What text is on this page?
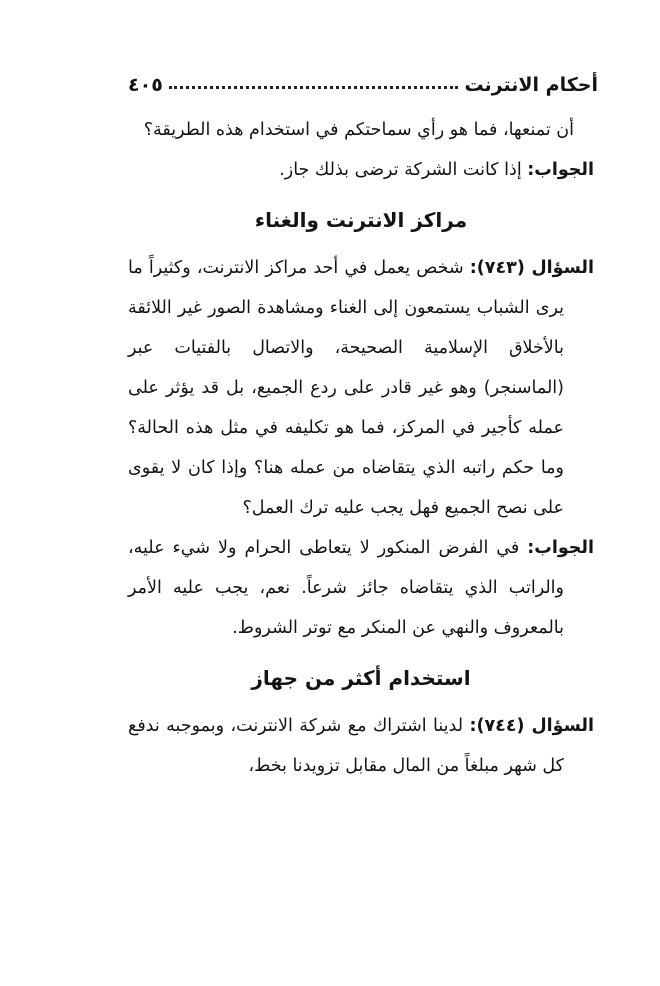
أحكام الانترنت
٤٠٥

أن تمنعها، فما هو رأي سماحتكم في استخدام هذه الطريقة؟

الجواب: إذا كانت الشركة ترضى بذلك جاز.

مراكز الانترنت والغناء

السؤال (٧٤٣): شخص يعمل في أحد مراكز الانترنت، وكثيراً ما يرى الشباب يستمعون إلى الغناء ومشاهدة الصور غير اللائقة بالأخلاق الإسلامية الصحيحة، والاتصال بالفتيات عبر (الماسنجر) وهو غير قادر على ردع الجميع، بل قد يؤثر على عمله كأجير في المركز، فما هو تكليفه في مثل هذه الحالة؟ وما حكم راتبه الذي يتقاضاه من عمله هنا؟ وإذا كان لا يقوى على نصح الجميع فهل يجب عليه ترك العمل؟

الجواب: في الفرض المنكور لا يتعاطى الحرام ولا شيء عليه، والراتب الذي يتقاضاه جائز شرعاً. نعم، يجب عليه الأمر بالمعروف والنهي عن المنكر مع توتر الشروط.

استخدام أكثر من جهاز

السؤال (٧٤٤): لدينا اشتراك مع شركة الانترنت، وبموجبه ندفع كل شهر مبلغاً من المال مقابل تزويدنا بخط،
